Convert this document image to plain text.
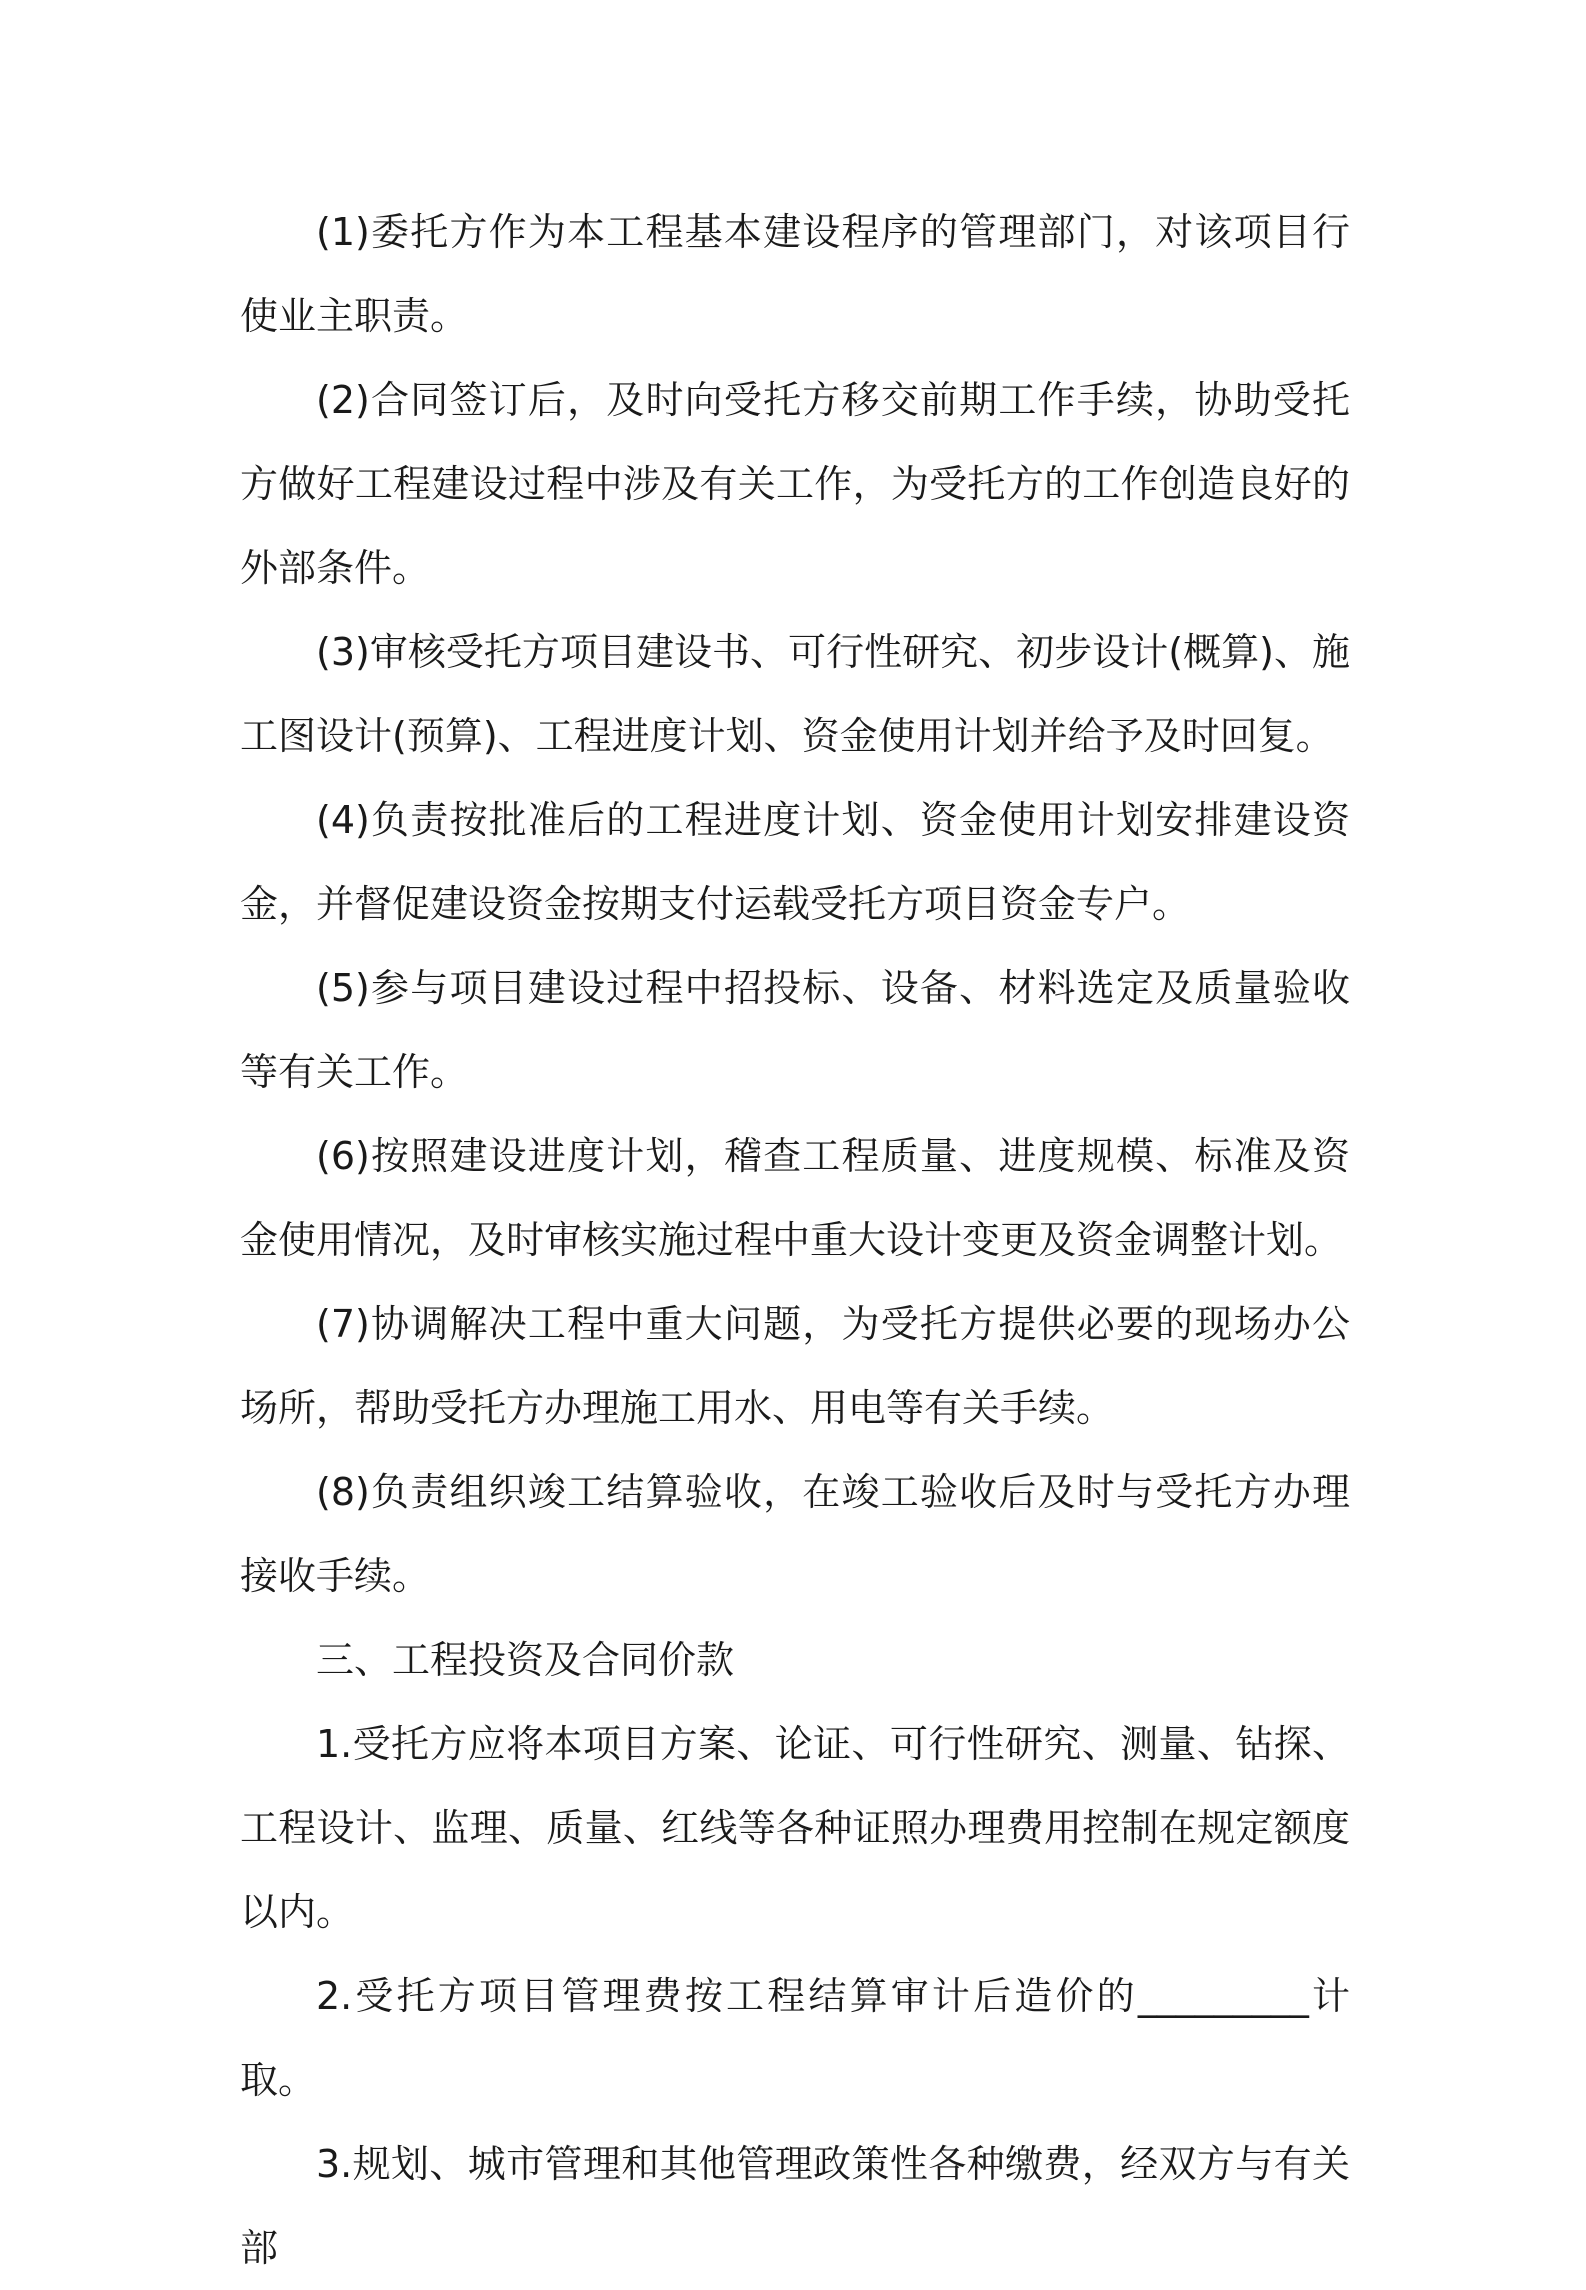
(1)委托方作为本工程基本建设程序的管理部门，对该项目行使业主职责。

(2)合同签订后，及时向受托方移交前期工作手续，协助受托方做好工程建设过程中涉及有关工作，为受托方的工作创造良好的外部条件。

(3)审核受托方项目建设书、可行性研究、初步设计(概算)、施工图设计(预算)、工程进度计划、资金使用计划并给予及时回复。

(4)负责按批准后的工程进度计划、资金使用计划安排建设资金，并督促建设资金按期支付运载受托方项目资金专户。

(5)参与项目建设过程中招投标、设备、材料选定及质量验收等有关工作。

(6)按照建设进度计划，稽查工程质量、进度规模、标准及资金使用情况，及时审核实施过程中重大设计变更及资金调整计划。

(7)协调解决工程中重大问题，为受托方提供必要的现场办公场所，帮助受托方办理施工用水、用电等有关手续。

(8)负责组织竣工结算验收，在竣工验收后及时与受托方办理接收手续。

三、工程投资及合同价款

1.受托方应将本项目方案、论证、可行性研究、测量、钻探、工程设计、监理、质量、红线等各种证照办理费用控制在规定额度以内。

2.受托方项目管理费按工程结算审计后造价的_________计取。

3.规划、城市管理和其他管理政策性各种缴费，经双方与有关部
